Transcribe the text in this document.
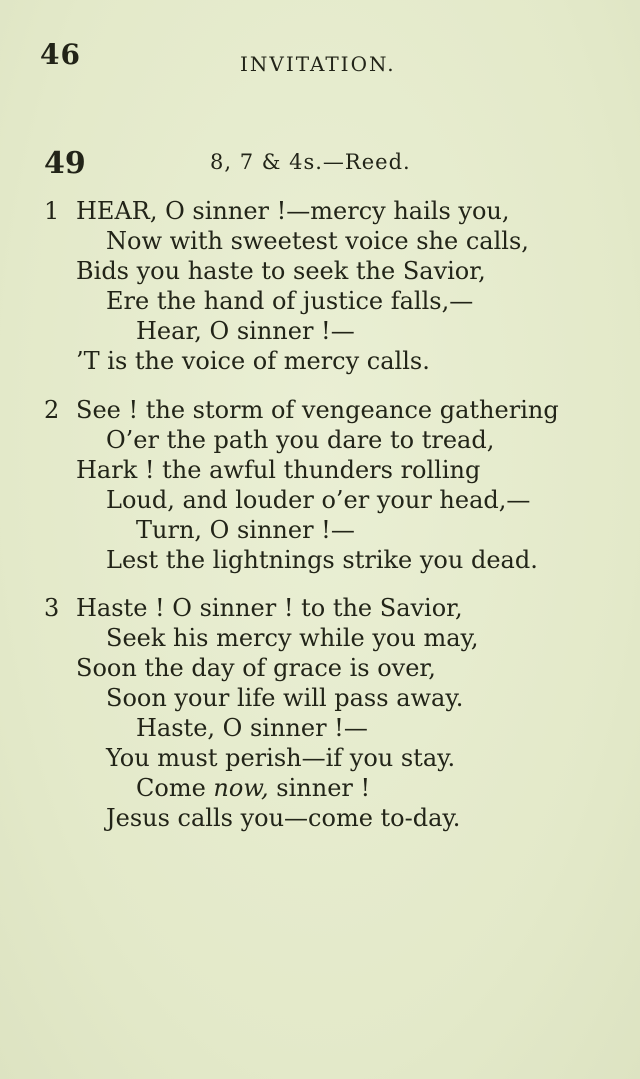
46	INVITATION.
49	8, 7 & 4s.—Reed.
1 HEAR, O sinner !—mercy hails you,
Now with sweetest voice she calls,
Bids you haste to seek the Savior,
Ere the hand of justice falls,—
Hear, O sinner !—
’T is the voice of mercy calls.
2 See ! the storm of vengeance gathering
O’er the path you dare to tread,
Hark ! the awful thunders rolling
Loud, and louder o’er your head,—
Turn, O sinner !—
Lest the lightnings strike you dead.
3 Haste ! O sinner ! to the Savior,
Seek his mercy while you may,
Soon the day of grace is over,
Soon your life will pass away.
Haste, O sinner !—
You must perish—if you stay.
Come now, sinner !
Jesus calls you—come to-day.
